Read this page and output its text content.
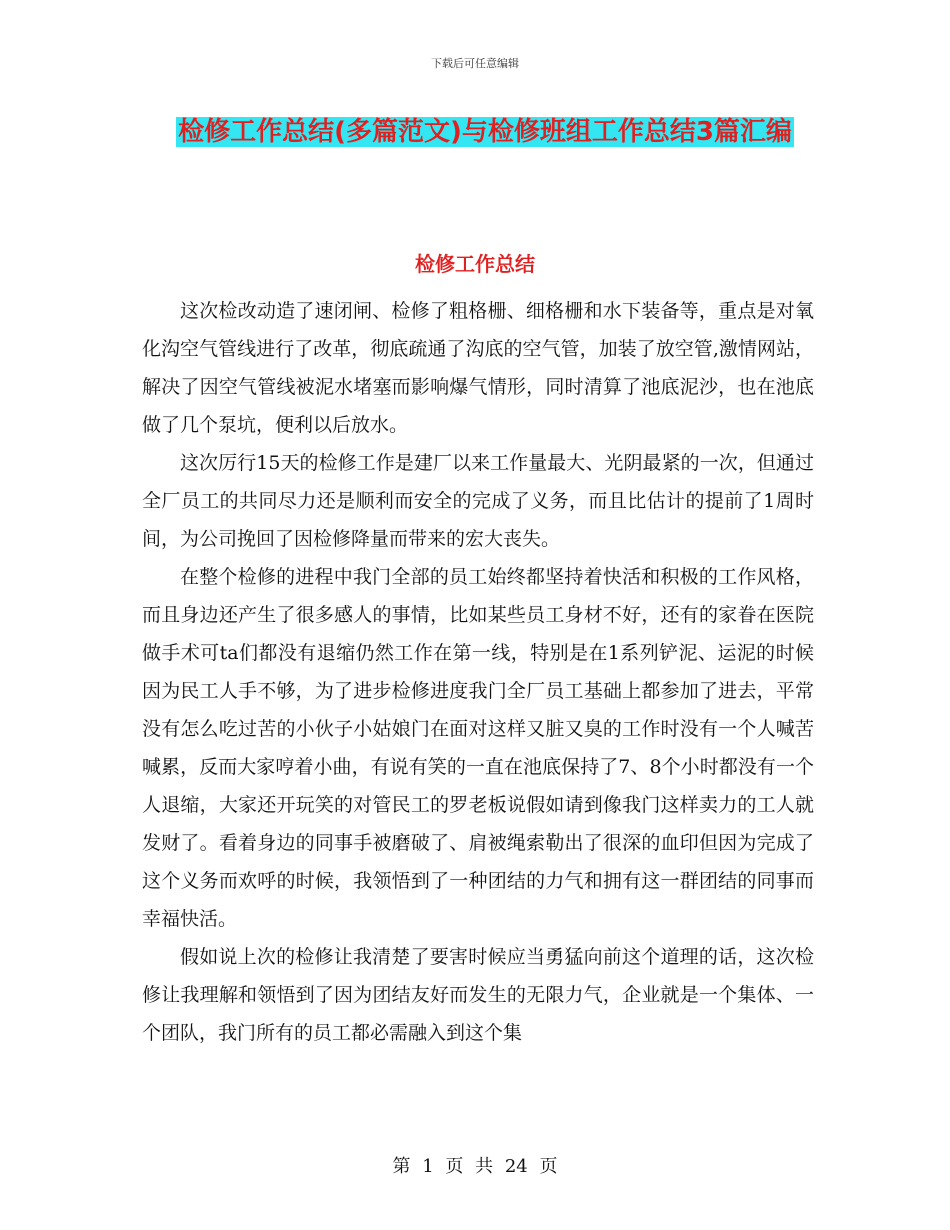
下载后可任意编辑
检修工作总结(多篇范文)与检修班组工作总结3篇汇编
检修工作总结

这次检改动造了速闭闸、检修了粗格栅、细格栅和水下装备等，重点是对氧化沟空气管线进行了改革，彻底疏通了沟底的空气管，加装了放空管,激情网站，解决了因空气管线被泥水堵塞而影响爆气情形，同时清算了池底泥沙，也在池底做了几个泵坑，便利以后放水。

这次厉行15天的检修工作是建厂以来工作量最大、光阴最紧的一次，但通过全厂员工的共同尽力还是顺利而安全的完成了义务，而且比估计的提前了1周时间，为公司挽回了因检修降量而带来的宏大丧失。

在整个检修的进程中我门全部的员工始终都坚持着快活和积极的工作风格，而且身边还产生了很多感人的事情，比如某些员工身材不好，还有的家眷在医院做手术可ta们都没有退缩仍然工作在第一线，特别是在1系列铲泥、运泥的时候因为民工人手不够，为了进步检修进度我门全厂员工基础上都参加了进去，平常没有怎么吃过苦的小伙子小姑娘门在面对这样又脏又臭的工作时没有一个人喊苦喊累，反而大家哼着小曲，有说有笑的一直在池底保持了7、8个小时都没有一个人退缩，大家还开玩笑的对管民工的罗老板说假如请到像我门这样卖力的工人就发财了。看着身边的同事手被磨破了、肩被绳索勒出了很深的血印但因为完成了这个义务而欢呼的时候，我领悟到了一种团结的力气和拥有这一群团结的同事而幸福快活。

假如说上次的检修让我清楚了要害时候应当勇猛向前这个道理的话，这次检修让我理解和领悟到了因为团结友好而发生的无限力气，企业就是一个集体、一个团队，我门所有的员工都必需融入到这个集

第 1 页 共 24 页
